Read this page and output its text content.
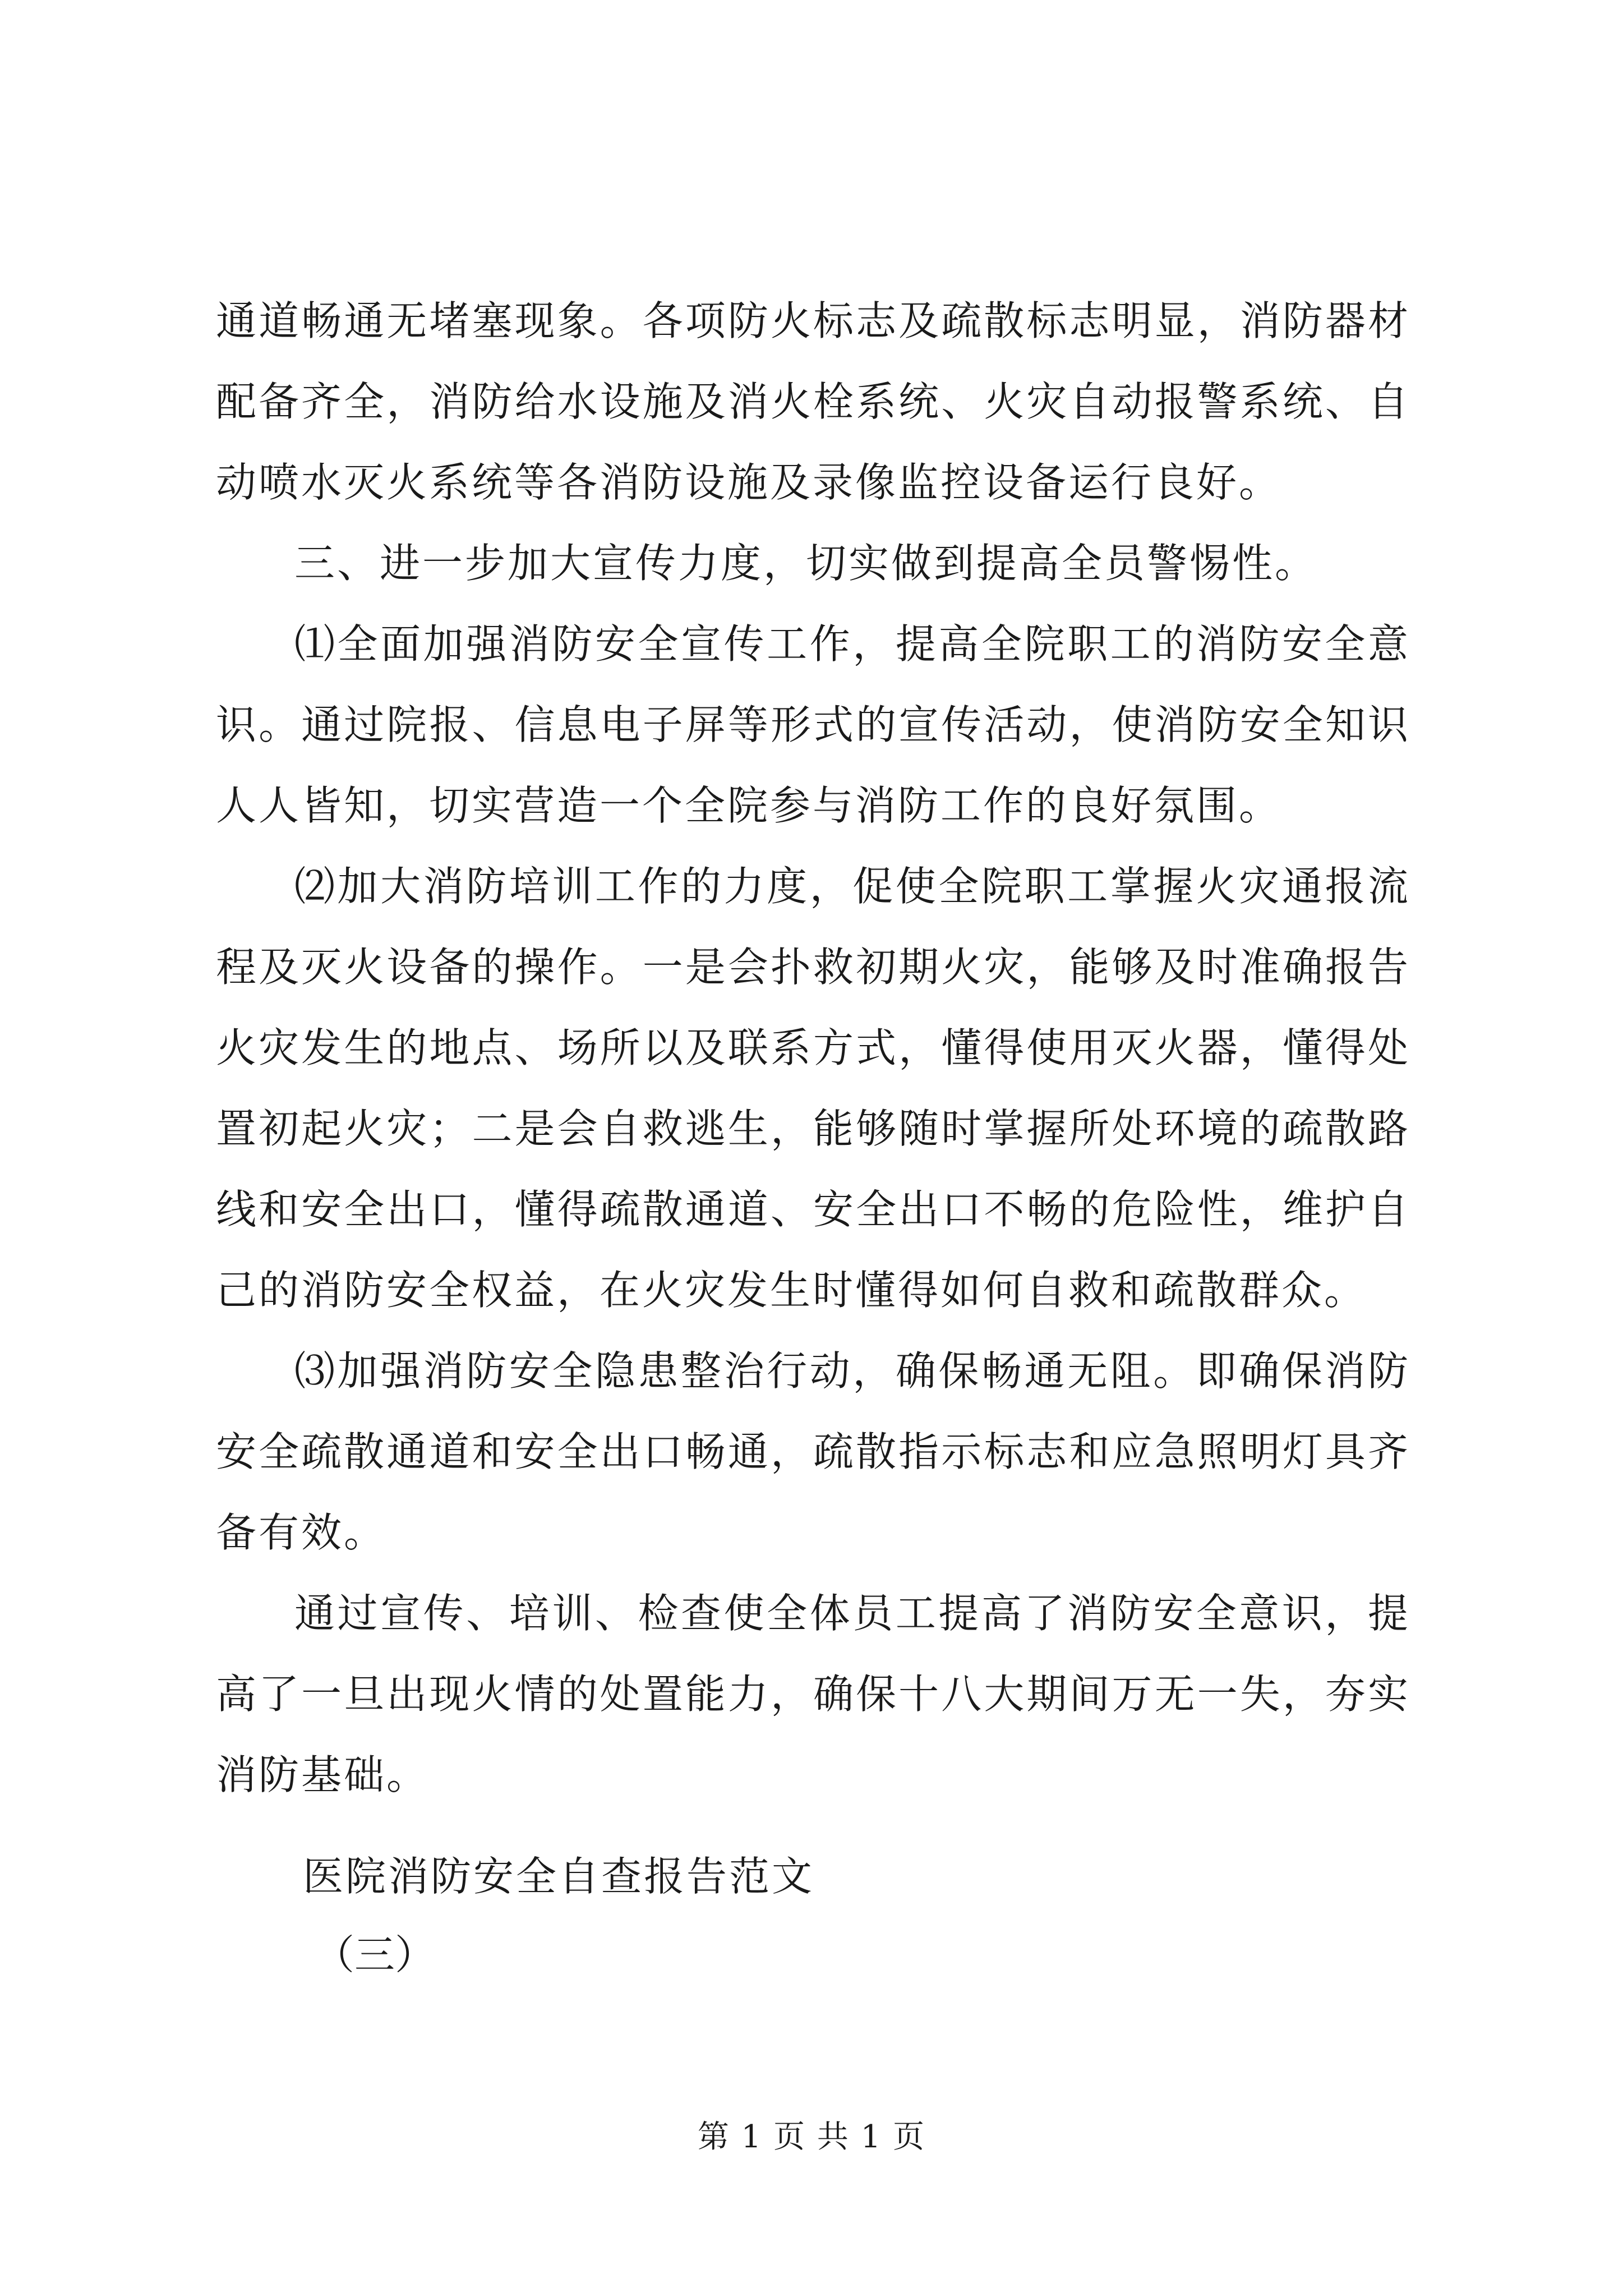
通道畅通无堵塞现象。各项防火标志及疏散标志明显，消防器材配备齐全，消防给水设施及消火栓系统、火灾自动报警系统、自动喷水灭火系统等各消防设施及录像监控设备运行良好。

三、进一步加大宣传力度，切实做到提高全员警惕性。

⑴全面加强消防安全宣传工作，提高全院职工的消防安全意识。通过院报、信息电子屏等形式的宣传活动，使消防安全知识人人皆知，切实营造一个全院参与消防工作的良好氛围。

⑵加大消防培训工作的力度，促使全院职工掌握火灾通报流程及灭火设备的操作。一是会扑救初期火灾，能够及时准确报告火灾发生的地点、场所以及联系方式，懂得使用灭火器，懂得处置初起火灾；二是会自救逃生，能够随时掌握所处环境的疏散路线和安全出口，懂得疏散通道、安全出口不畅的危险性，维护自己的消防安全权益，在火灾发生时懂得如何自救和疏散群众。

⑶加强消防安全隐患整治行动，确保畅通无阻。即确保消防安全疏散通道和安全出口畅通，疏散指示标志和应急照明灯具齐备有效。

通过宣传、培训、检查使全体员工提高了消防安全意识，提高了一旦出现火情的处置能力，确保十八大期间万无一失，夯实消防基础。

医院消防安全自查报告范文

（三）

第 1 页 共 1 页
